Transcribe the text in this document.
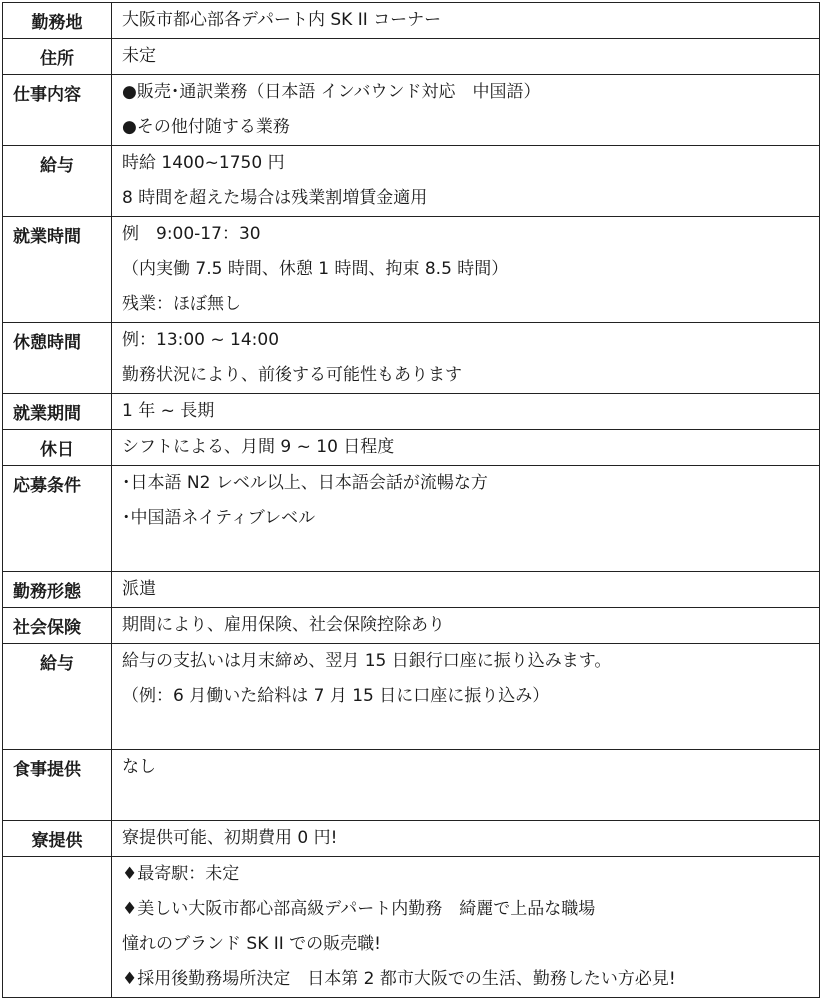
勤務地	大阪市都心部各デパート内 SK II コーナー

住所	未定

仕事内容	●販売･通訳業務（日本語 インバウンド対応　中国語）
●その他付随する業務

給与	時給 1400~1750 円
8 時間を超えた場合は残業割増賃金適用

就業時間	例　9:00-17：30
（内実働 7.5 時間、休憩 1 時間、拘束 8.5 時間）
残業：ほぼ無し

休憩時間	例：13:00 ~ 14:00
勤務状況により、前後する可能性もあります

就業期間	1 年 ~ 長期

休日	シフトによる、月間 9 ~ 10 日程度

応募条件	･日本語 N2 レベル以上、日本語会話が流暢な方
･中国語ネイティブレベル

勤務形態	派遣

社会保険	期間により、雇用保険、社会保険控除あり

給与	給与の支払いは月末締め、翌月 15 日銀行口座に振り込みます。
（例：6 月働いた給料は 7 月 15 日に口座に振り込み）

食事提供	なし

寮提供	寮提供可能、初期費用 0 円!

	♦最寄駅：未定
♦美しい大阪市都心部高級デパート内勤務　綺麗で上品な職場
憧れのブランド SK II での販売職!
♦採用後勤務場所決定　日本第 2 都市大阪での生活、勤務したい方必見!
